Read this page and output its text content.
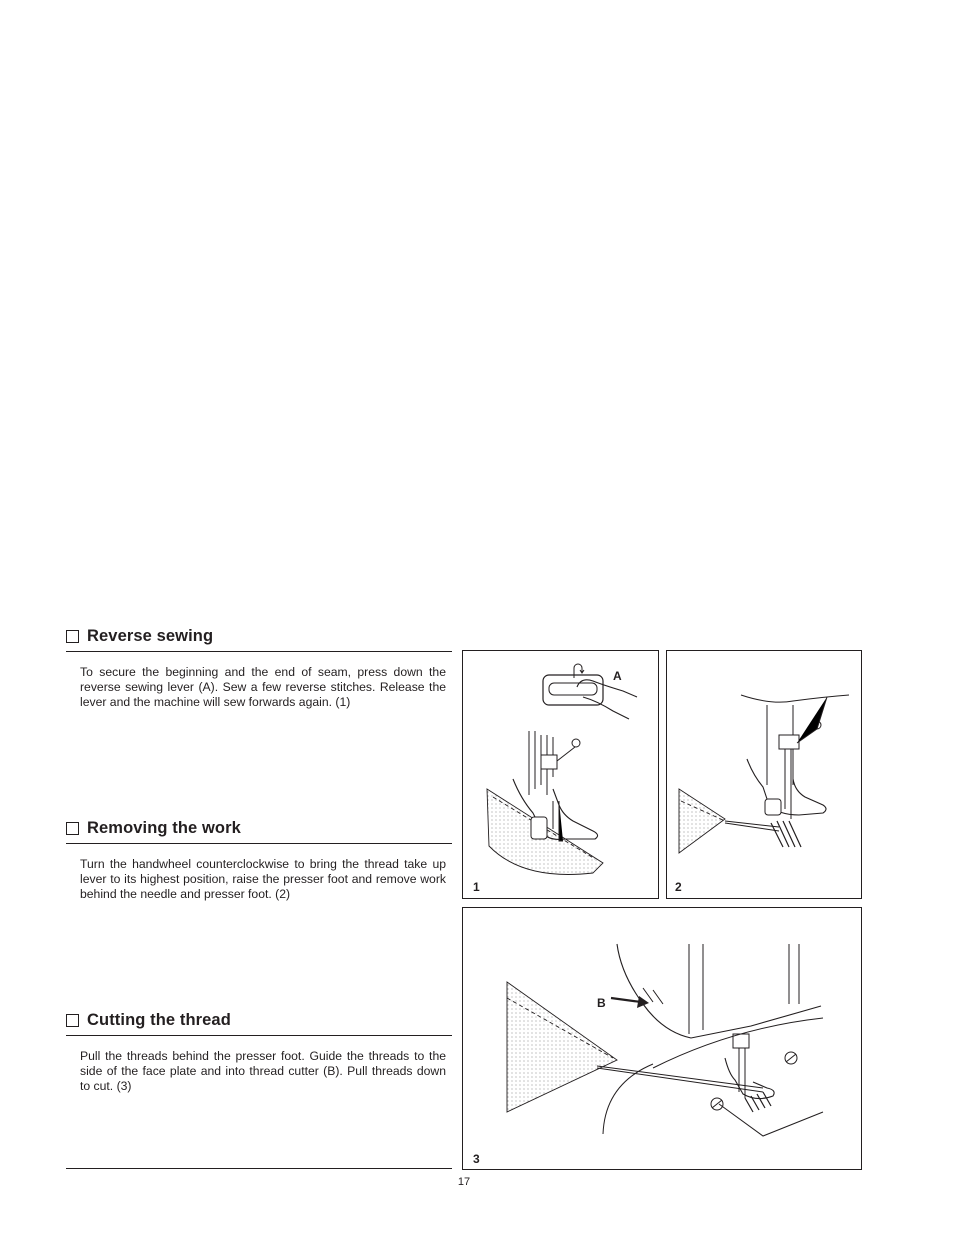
Reverse sewing
To secure the beginning and the end of seam, press down the reverse sewing lever (A). Sew a few reverse stitches. Release the lever and the machine will sew forwards again. (1)
Removing the work
Turn the handwheel counterclockwise to bring the thread take up lever to its highest position, raise the presser foot and remove work behind the needle and presser foot. (2)
Cutting the thread
Pull the threads behind the presser foot. Guide the threads to the side of the face plate and into thread cutter (B). Pull threads down to cut. (3)
1
A
2
3
B
17
